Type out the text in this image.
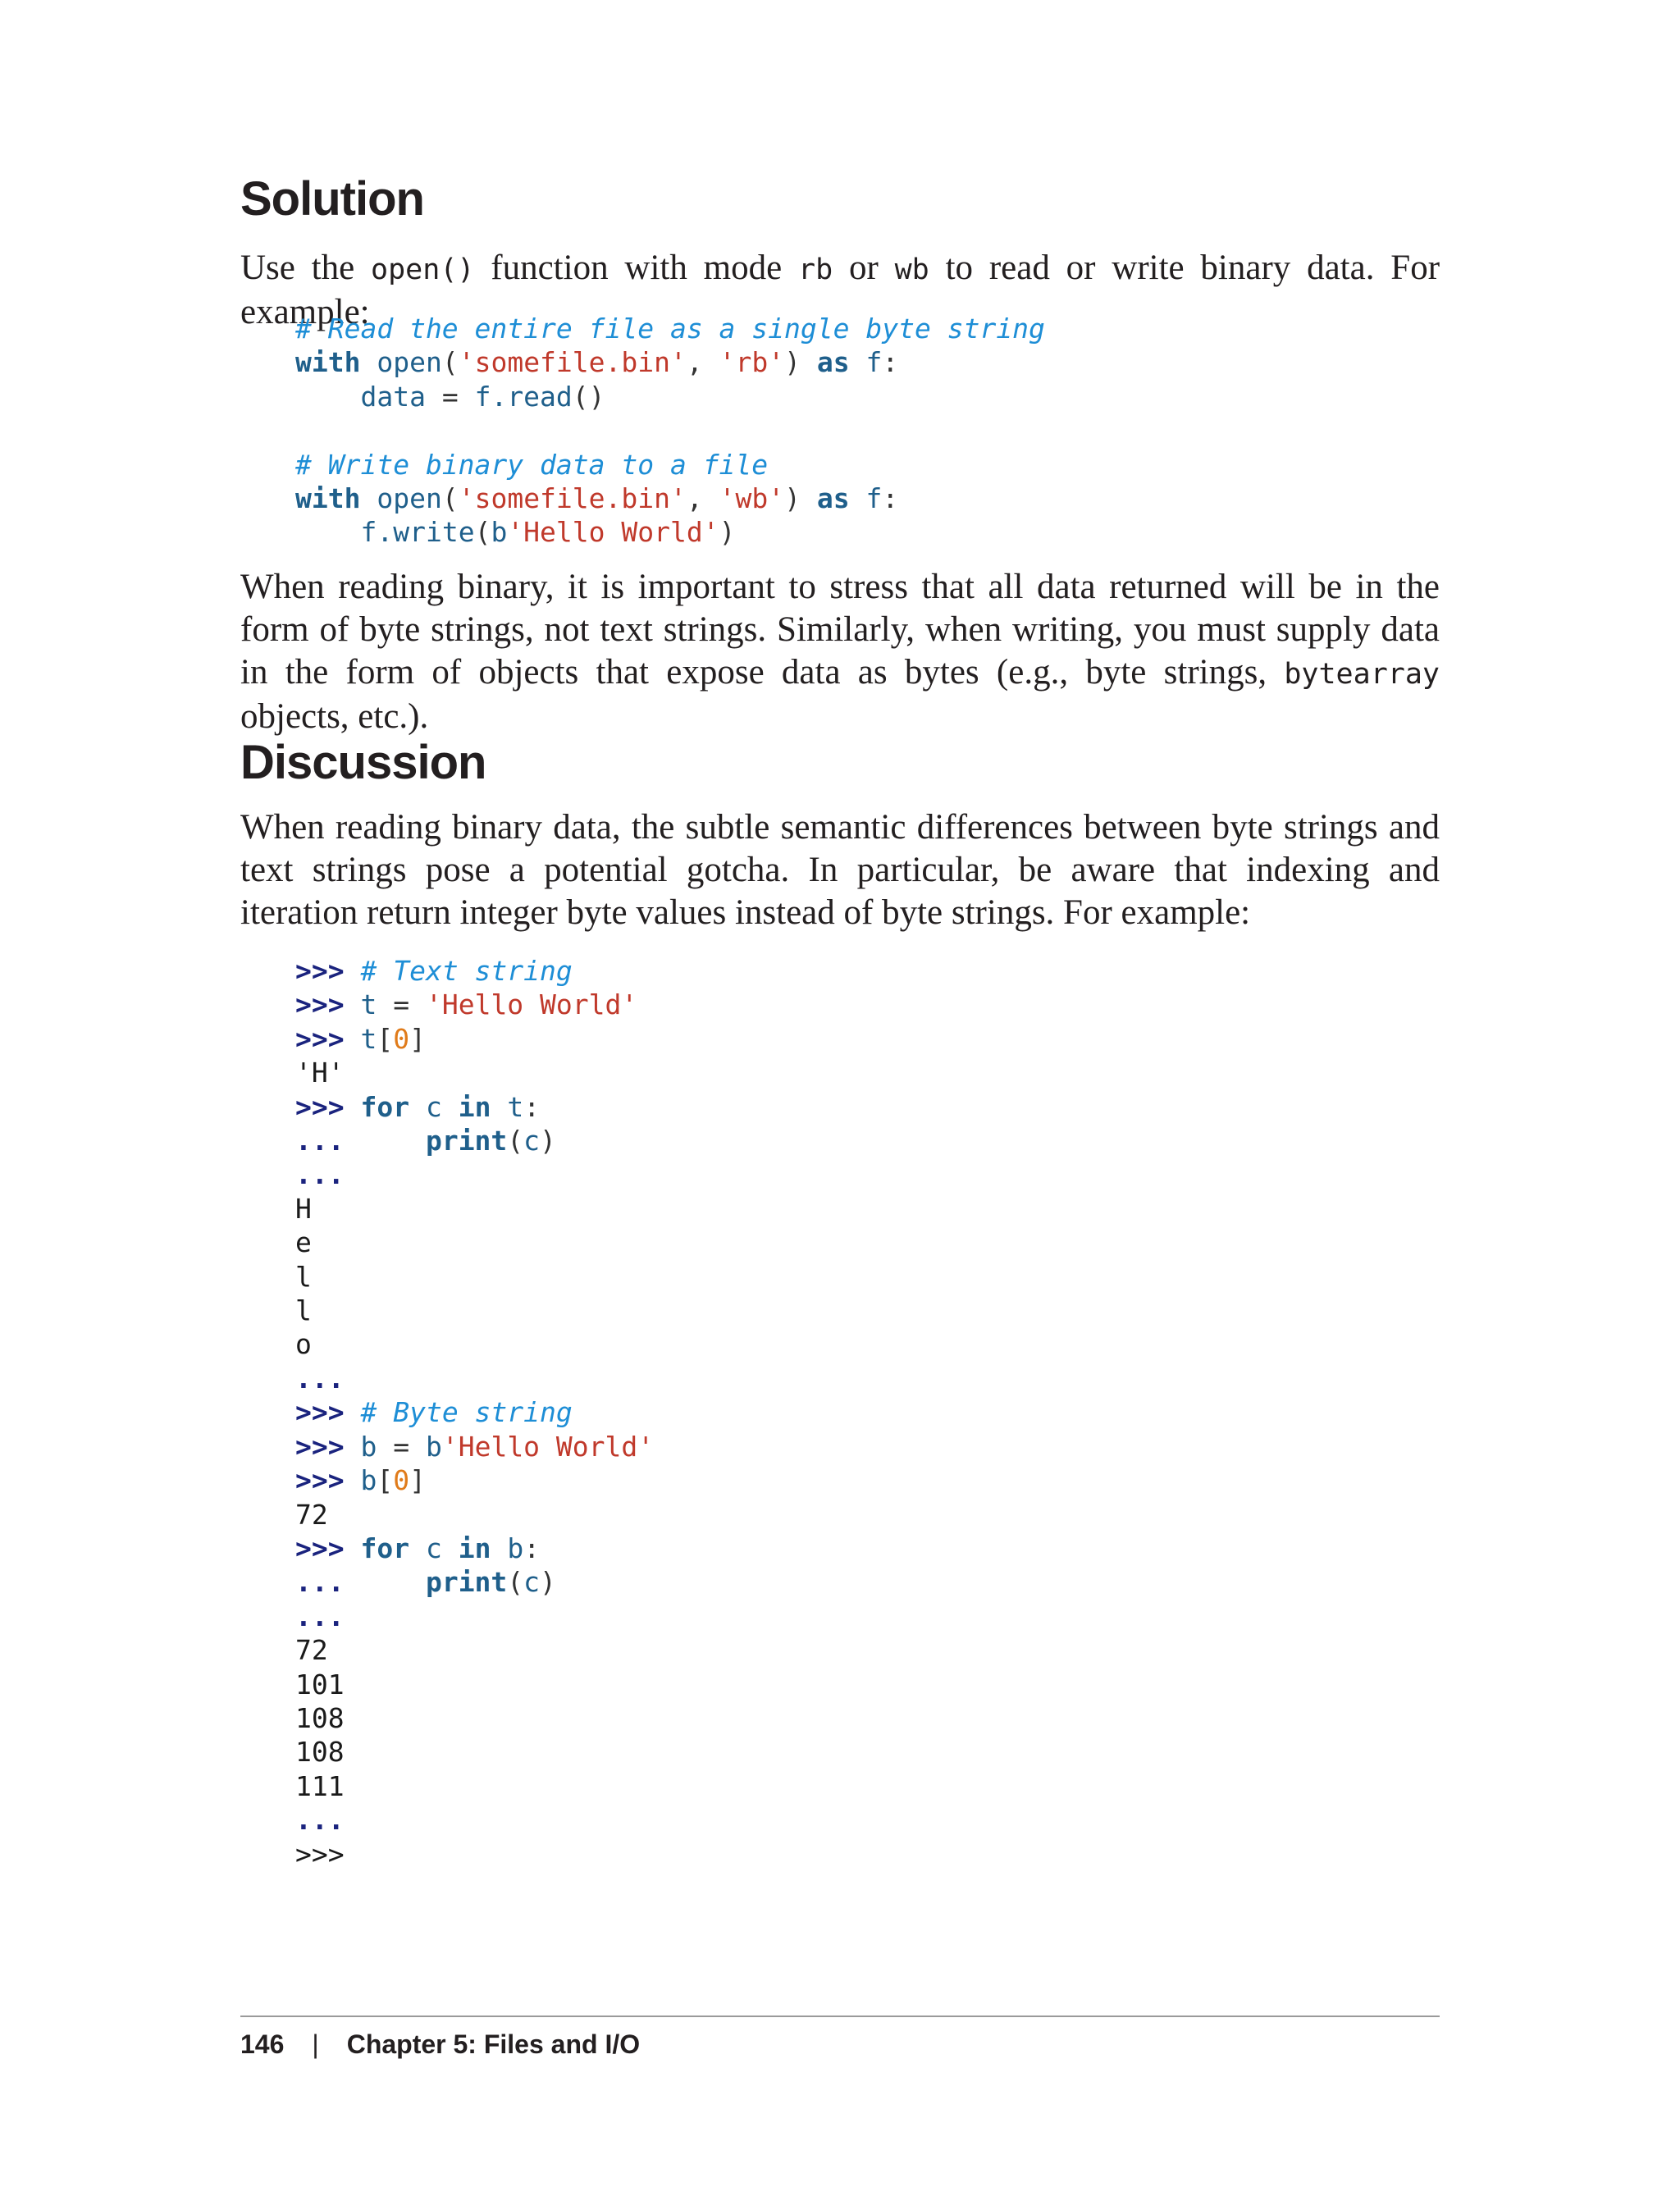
Solution

Use the open() function with mode rb or wb to read or write binary data. For example:

# Read the entire file as a single byte string
with open('somefile.bin', 'rb') as f:
data = f.read()

# Write binary data to a file
with open('somefile.bin', 'wb') as f:
f.write(b'Hello World')

When reading binary, it is important to stress that all data returned will be in the form of byte strings, not text strings. Similarly, when writing, you must supply data in the form of objects that expose data as bytes (e.g., byte strings, bytearray objects, etc.).

Discussion

When reading binary data, the subtle semantic differences between byte strings and text strings pose a potential gotcha. In particular, be aware that indexing and iteration return integer byte values instead of byte strings. For example:

>>> # Text string
>>> t = 'Hello World'
>>> t[0]
'H'
>>> for c in t:
...	print(c)
...
H
e
l
l
o
...
>>> # Byte string
>>> b = b'Hello World'
>>> b[0]
72
>>> for c in b:
...	print(c)
...
72
101
108
108
111
...
>>>
146 | Chapter 5: Files and I/O
